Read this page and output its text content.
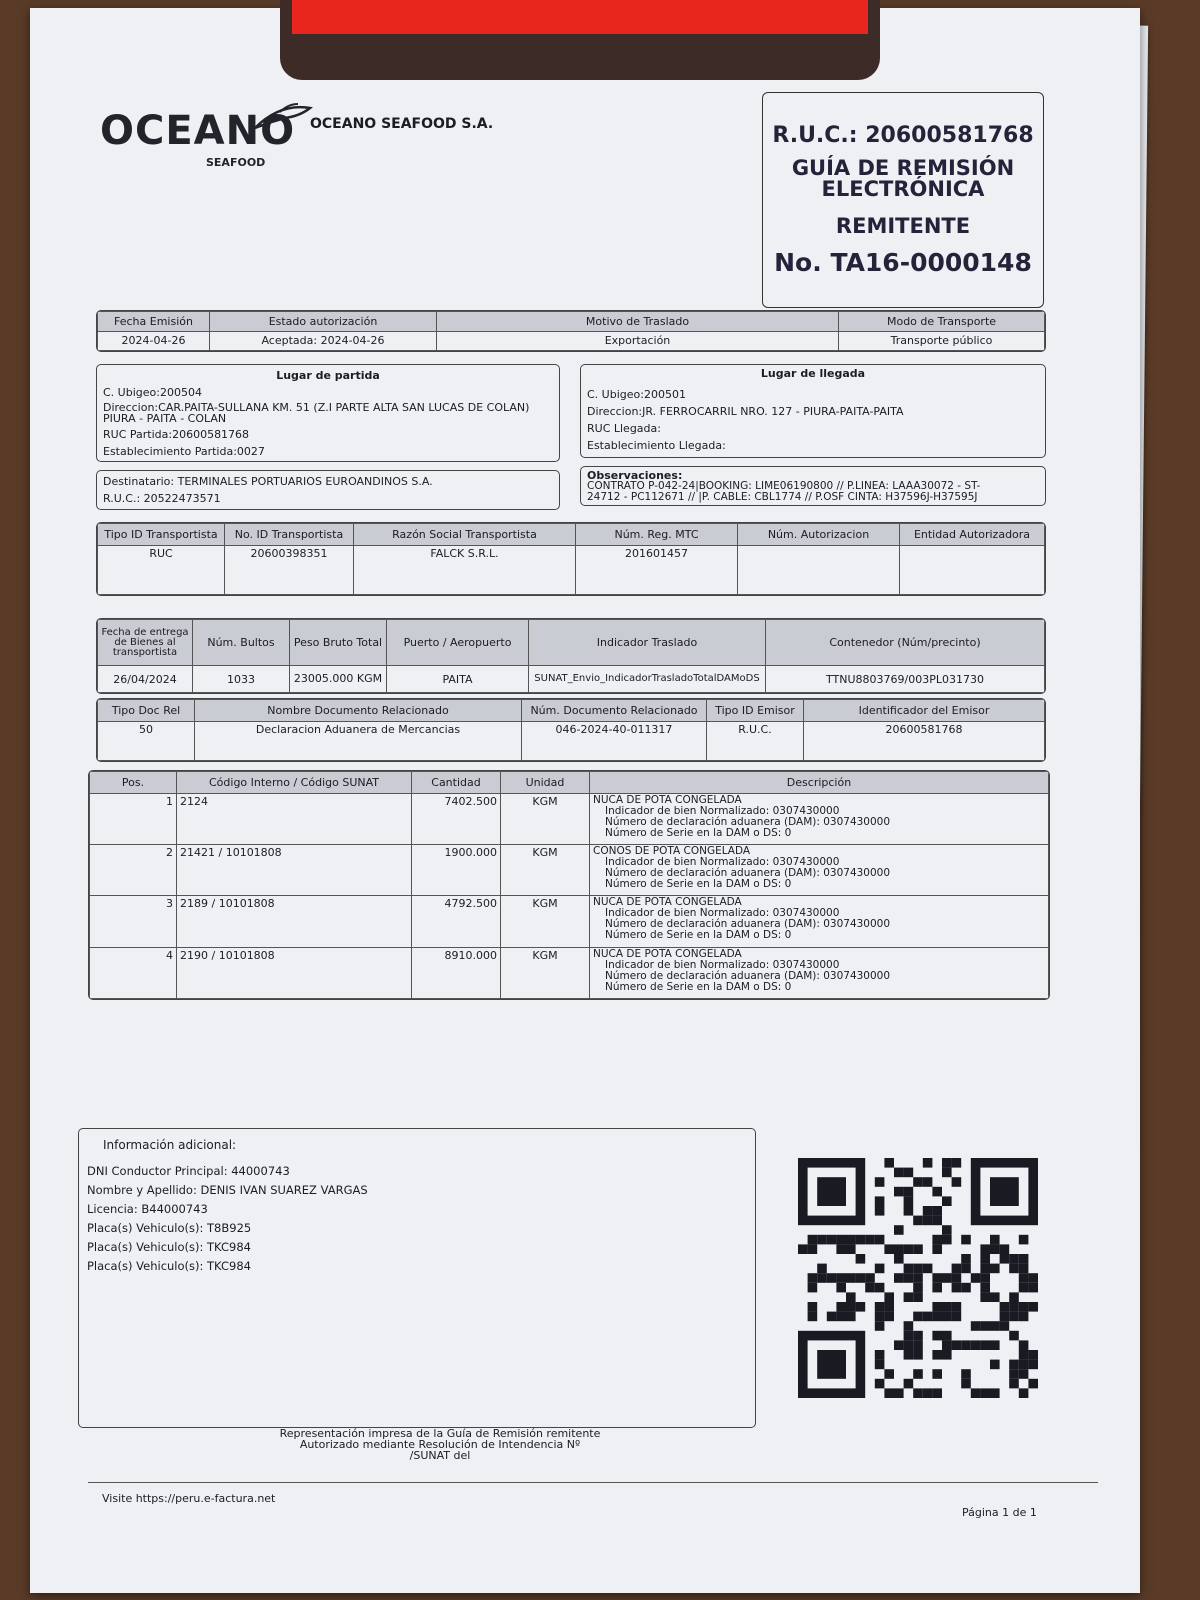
OCEANO
SEAFOOD
OCEANO SEAFOOD S.A.	R.U.C.: 20600581768
GUÍA DE REMISIÓN
ELECTRÓNICA
REMITENTE
No. TA16-0000148
Fecha Emisión	Estado autorización	Motivo de Traslado	Modo de Transporte
2024-04-26	Aceptada: 2024-04-26	Exportación	Transporte público
Lugar de partida
C. Ubigeo:200504
Direccion:CAR.PAITA-SULLANA KM. 51 (Z.I PARTE ALTA SAN LUCAS DE COLAN)
PIURA - PAITA - COLAN
RUC Partida:20600581768
Establecimiento Partida:0027
Lugar de llegada
C. Ubigeo:200501
Direccion:JR. FERROCARRIL NRO. 127 - PIURA-PAITA-PAITA
RUC Llegada:
Establecimiento Llegada:
Destinatario: TERMINALES PORTUARIOS EUROANDINOS S.A.
R.U.C.: 20522473571
Observaciones:
CONTRATO P-042-24|BOOKING: LIME06190800 // P.LINEA: LAAA30072 - ST-
24712 - PC112671 // |P. CABLE: CBL1774 // P.OSF CINTA: H37596J-H37595J
Tipo ID Transportista	No. ID Transportista	Razón Social Transportista	Núm. Reg. MTC	Núm. Autorizacion	Entidad Autorizadora
RUC	20600398351	FALCK S.R.L.	201601457		
Fecha de entrega de Bienes al transportista	Núm. Bultos	Peso Bruto Total	Puerto / Aeropuerto	Indicador Traslado	Contenedor (Núm/precinto)
26/04/2024	1033	23005.000 KGM	PAITA	SUNAT_Envio_IndicadorTrasladoTotalDAMoDS	TTNU8803769/003PL031730
Tipo Doc Rel	Nombre Documento Relacionado	Núm. Documento Relacionado	Tipo ID Emisor	Identificador del Emisor
50	Declaracion Aduanera de Mercancias	046-2024-40-011317	R.U.C.	20600581768
Pos.	Código Interno / Código SUNAT	Cantidad	Unidad	Descripción
1	2124	7402.500	KGM	NUCA DE POTA CONGELADA
Indicador de bien Normalizado: 0307430000
Número de declaración aduanera (DAM): 0307430000
Número de Serie en la DAM o DS: 0

2	21421 / 10101808	1900.000	KGM	CONOS DE POTA CONGELADA
Indicador de bien Normalizado: 0307430000
Número de declaración aduanera (DAM): 0307430000
Número de Serie en la DAM o DS: 0

3	2189 / 10101808	4792.500	KGM	NUCA DE POTA CONGELADA
Indicador de bien Normalizado: 0307430000
Número de declaración aduanera (DAM): 0307430000
Número de Serie en la DAM o DS: 0

4	2190 / 10101808	8910.000	KGM	NUCA DE POTA CONGELADA
Indicador de bien Normalizado: 0307430000
Número de declaración aduanera (DAM): 0307430000
Número de Serie en la DAM o DS: 0
Información adicional:
DNI Conductor Principal: 44000743
Nombre y Apellido: DENIS IVAN SUAREZ VARGAS
Licencia: B44000743
Placa(s) Vehiculo(s): T8B925
Placa(s) Vehiculo(s): TKC984
Placa(s) Vehiculo(s): TKC984
Representación impresa de la Guía de Remisión remitente
Autorizado mediante Resolución de Intendencia Nº
/SUNAT del
Visite https://peru.e-factura.net
Página 1 de 1
